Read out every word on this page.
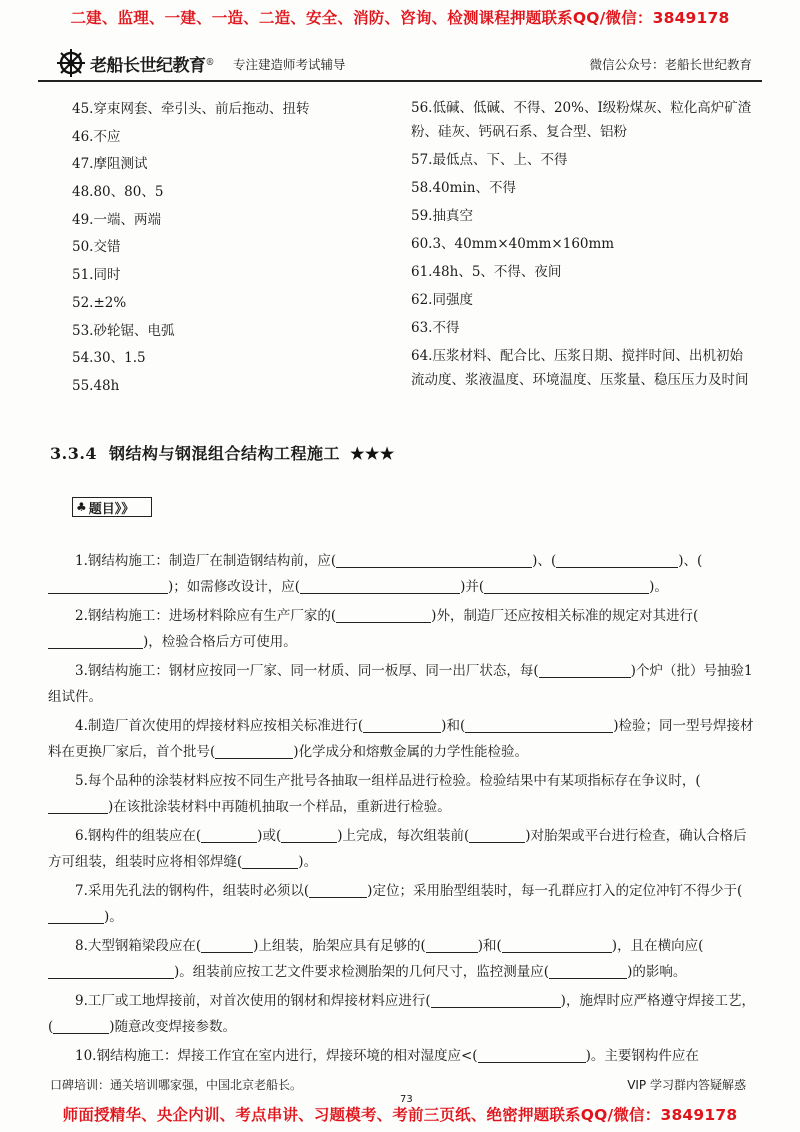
二建、监理、一建、一造、二造、安全、消防、咨询、检测课程押题联系QQ/微信：3849178
老船长世纪教育 ® 专注建造师考试辅导	微信公众号：老船长世纪教育
45.穿束网套、牵引头、前后拖动、扭转
46.不应
47.摩阻测试
48.80、80、5
49.一端、两端
50.交错
51.同时
52.±2%
53.砂轮锯、电弧
54.30、1.5
55.48h
56.低碱、低碱、不得、20%、Ⅰ级粉煤灰、粒化高炉矿渣粉、硅灰、钙矾石系、复合型、铝粉
57.最低点、下、上、不得
58.40min、不得
59.抽真空
60.3、40mm×40mm×160mm
61.48h、5、不得、夜间
62.同强度
63.不得
64.压浆材料、配合比、压浆日期、搅拌时间、出机初始流动度、浆液温度、环境温度、压浆量、稳压压力及时间
3.3.4 钢结构与钢混组合结构工程施工 ★★★
♣ 题目》》

1.钢结构施工：制造厂在制造钢结构前，应(	)、(	)、()；如需修改设计，应(	)并(	)。

2.钢结构施工：进场材料除应有生产厂家的(	)外，制造厂还应按相关标准的规定对其进行()，检验合格后方可使用。

3.钢结构施工：钢材应按同一厂家、同一材质、同一板厚、同一出厂状态，每(	)个炉（批）号抽验1组试件。

4.制造厂首次使用的焊接材料应按相关标准进行(	)和(	)检验；同一型号焊接材料在更换厂家后，首个批号(	)化学成分和熔敷金属的力学性能检验。

5.每个品种的涂装材料应按不同生产批号各抽取一组样品进行检验。检验结果中有某项指标存在争议时，()在该批涂装材料中再随机抽取一个样品，重新进行检验。

6.钢构件的组装应在(	)或(	)上完成，每次组装前(	)对胎架或平台进行检查，确认合格后方可组装，组装时应将相邻焊缝(	)。

7.采用先孔法的钢构件，组装时必须以(	)定位；采用胎型组装时，每一孔群应打入的定位冲钉不得少于()。

8.大型钢箱梁段应在(	)上组装，胎架应具有足够的(	)和(	)，且在横向应()。组装前应按工艺文件要求检测胎架的几何尺寸，监控测量应(	)的影响。

9.工厂或工地焊接前，对首次使用的钢材和焊接材料应进行(	)，施焊时应严格遵守焊接工艺，(	)随意改变焊接参数。

10.钢结构施工：焊接工作宜在室内进行，焊接环境的相对湿度应<(	)。主要钢构件应在

口碑培训：通关培训哪家强，中国北京老船长。	VIP 学习群内答疑解惑
73
师面授精华、央企内训、考点串讲、习题模考、考前三页纸、绝密押题联系QQ/微信：3849178
